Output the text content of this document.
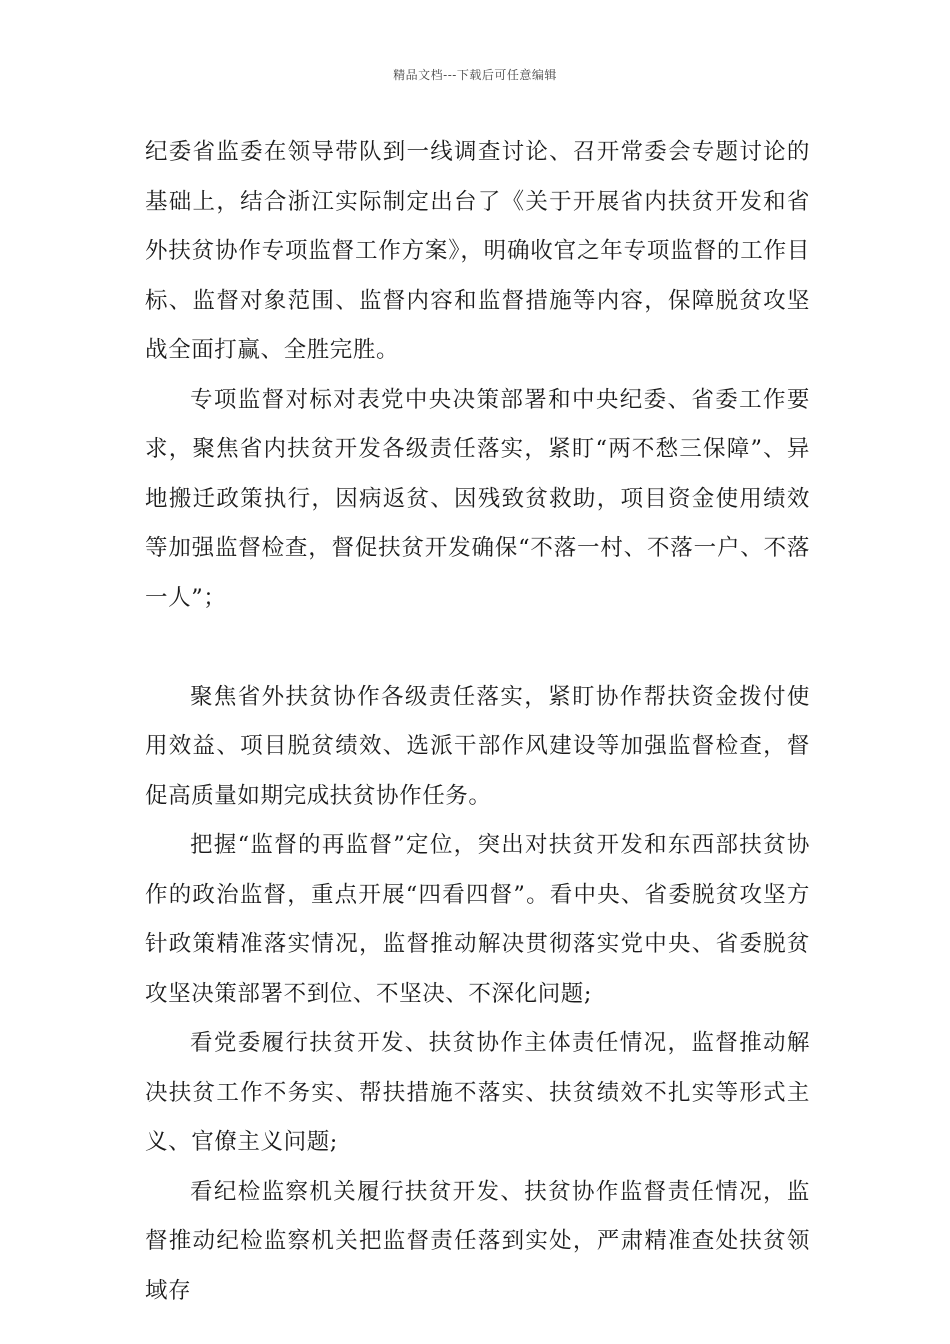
精品文档---下载后可任意编辑

纪委省监委在领导带队到一线调查讨论、召开常委会专题讨论的基础上，结合浙江实际制定出台了《关于开展省内扶贫开发和省外扶贫协作专项监督工作方案》，明确收官之年专项监督的工作目标、监督对象范围、监督内容和监督措施等内容，保障脱贫攻坚战全面打赢、全胜完胜。

专项监督对标对表党中央决策部署和中央纪委、省委工作要求，聚焦省内扶贫开发各级责任落实，紧盯“两不愁三保障”、异地搬迁政策执行，因病返贫、因残致贫救助，项目资金使用绩效等加强监督检查，督促扶贫开发确保“不落一村、不落一户、不落一人”；

聚焦省外扶贫协作各级责任落实，紧盯协作帮扶资金拨付使用效益、项目脱贫绩效、选派干部作风建设等加强监督检查，督促高质量如期完成扶贫协作任务。

把握“监督的再监督”定位，突出对扶贫开发和东西部扶贫协作的政治监督，重点开展“四看四督”。看中央、省委脱贫攻坚方针政策精准落实情况，监督推动解决贯彻落实党中央、省委脱贫攻坚决策部署不到位、不坚决、不深化问题;

看党委履行扶贫开发、扶贫协作主体责任情况，监督推动解决扶贫工作不务实、帮扶措施不落实、扶贫绩效不扎实等形式主义、官僚主义问题;

看纪检监察机关履行扶贫开发、扶贫协作监督责任情况，监督推动纪检监察机关把监督责任落到实处，严肃精准查处扶贫领域存
